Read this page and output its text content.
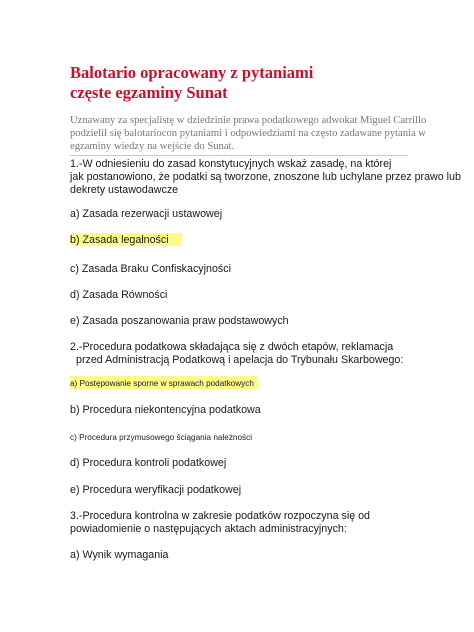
Balotario opracowany z pytaniami
częste egzaminy Sunat
Uznawany za specjalistę w dziedzinie prawa podatkowego adwokat Miguel Carrillo
podzielił się balotariocon pytaniami i odpowiedziami na często zadawane pytania w
egzaminy wiedzy na wejście do Sunat.
1.-W odniesieniu do zasad konstytucyjnych wskaż zasadę, na której
jak postanowiono, że podatki są tworzone, znoszone lub uchylane przez prawo lub
dekrety ustawodawcze
a) Zasada rezerwacji ustawowej
b) Zasada legalności
c) Zasada Braku Confiskacyjności
d) Zasada Równości
e) Zasada poszanowania praw podstawowych
2.-Procedura podatkowa składająca się z dwóch etapów, reklamacja
przed Administracją Podatkową i apelacja do Trybunału Skarbowego:
a) Postępowanie sporne w sprawach podatkowych
b) Procedura niekontencyjna podatkowa
c) Procedura przymusowego ściągania należności
d) Procedura kontroli podatkowej
e) Procedura weryfikacji podatkowej
3.-Procedura kontrolna w zakresie podatków rozpoczyna się od
powiadomienie o następujących aktach administracyjnych:
a) Wynik wymagania
